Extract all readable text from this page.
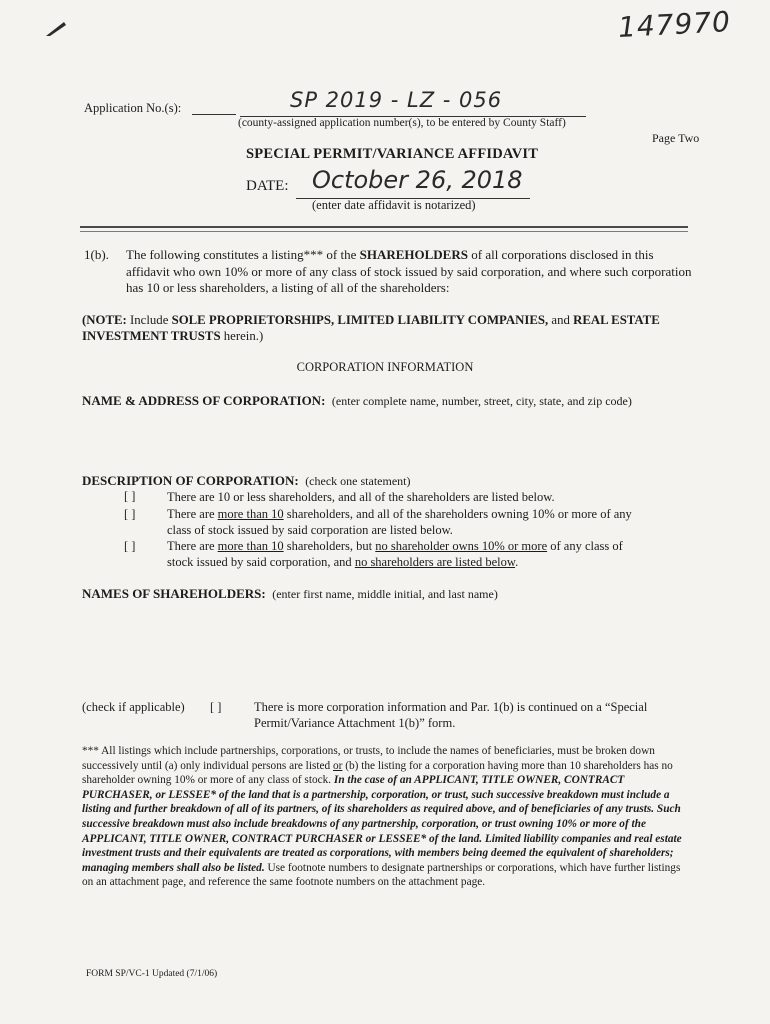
147970
Application No.(s):	SP 2019 - LZ - 056
(county-assigned application number(s), to be entered by County Staff)
Page Two
SPECIAL PERMIT/VARIANCE AFFIDAVIT
DATE: October 26, 2018
(enter date affidavit is notarized)
1(b). The following constitutes a listing*** of the SHAREHOLDERS of all corporations disclosed in this affidavit who own 10% or more of any class of stock issued by said corporation, and where such corporation has 10 or less shareholders, a listing of all of the shareholders:
(NOTE: Include SOLE PROPRIETORSHIPS, LIMITED LIABILITY COMPANIES, and REAL ESTATE INVESTMENT TRUSTS herein.)
CORPORATION INFORMATION
NAME & ADDRESS OF CORPORATION: (enter complete name, number, street, city, state, and zip code)
DESCRIPTION OF CORPORATION: (check one statement)
[ ]	There are 10 or less shareholders, and all of the shareholders are listed below.
[ ]	There are more than 10 shareholders, and all of the shareholders owning 10% or more of any class of stock issued by said corporation are listed below.
[ ]	There are more than 10 shareholders, but no shareholder owns 10% or more of any class of stock issued by said corporation, and no shareholders are listed below.
NAMES OF SHAREHOLDERS: (enter first name, middle initial, and last name)
(check if applicable) [ ]	There is more corporation information and Par. 1(b) is continued on a “Special Permit/Variance Attachment 1(b)” form.
*** All listings which include partnerships, corporations, or trusts, to include the names of beneficiaries, must be broken down successively until (a) only individual persons are listed or (b) the listing for a corporation having more than 10 shareholders has no shareholder owning 10% or more of any class of stock. In the case of an APPLICANT, TITLE OWNER, CONTRACT PURCHASER, or LESSEE* of the land that is a partnership, corporation, or trust, such successive breakdown must include a listing and further breakdown of all of its partners, of its shareholders as required above, and of beneficiaries of any trusts. Such successive breakdown must also include breakdowns of any partnership, corporation, or trust owning 10% or more of the APPLICANT, TITLE OWNER, CONTRACT PURCHASER or LESSEE* of the land. Limited liability companies and real estate investment trusts and their equivalents are treated as corporations, with members being deemed the equivalent of shareholders; managing members shall also be listed. Use footnote numbers to designate partnerships or corporations, which have further listings on an attachment page, and reference the same footnote numbers on the attachment page.
FORM SP/VC-1 Updated (7/1/06)
